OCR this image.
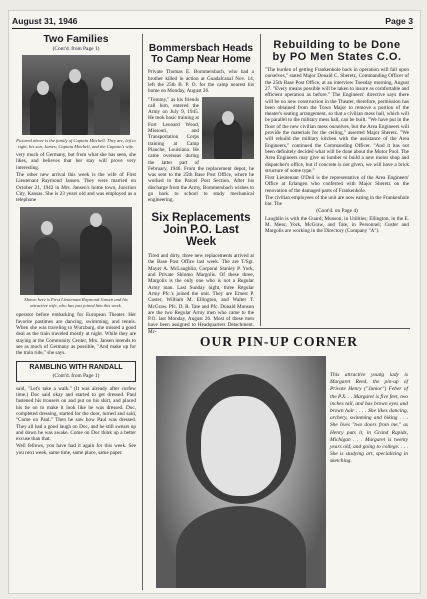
August 31, 1946	Page 3
Two Families
(Cont'd. from Page 1)
Pictured above is the family of Captain Mitchell. They are, left to right, his son, James; Captain Mitchell, and the Captain's wife.
very much of Germany, but from what she has seen, she likes, and believes that her stay will prove very interesting.
The other new arrival this week is the wife of First Lieutenant Raymond Jansen. They were married on October 21, 1942 in Mrs. Jansen's home town, Junction City, Kansas. She is 23 years old and was employed as a telephone
Shown here is First Lieutenant Raymond Jansen and his attractive wife, who has just joined him this week.
operator before embarking for European Theater. Her favorite pastimes are dancing, swimming, and tennis. When she was traveling to Wurzburg, she missed a good deal as the train traveled mostly at night. While they are staying at the Community Center, Mrs. Jansen intends to see as much of Germany as possible, "And make up for the train ride," she says.
RAMBLING WITH RANDALL
(Cont'd. from Page 1)
said, "Let's take a walk." (It was already after curfew time.) Doc said okay and started to get dressed. Paul fastened his trousers on and put on his shirt, and placed his tie on to make it look like he was dressed. Doc, completed dressing, started for the door, turned and said, "Come on Paul." Then he saw how Paul was dressed. They all had a good laugh on Doc, and he still swears up and down he was awake. Come on Doc think up a better excuse than that.
Well fellows, you have had it again for this week. See you next week, same time, same place, same paper.
Bommersbach Heads To Camp Near Home
Private Thomas E. Bommersbach, who had a brother killed in action at Guadalcanal Nov. 14, left the 25th B. P. O. for the camp nearest his home on Monday, August 26.
"Tommy," as his friends call him, entered the Army on July 9, 1945. He took basic training at Fort Leonard Wood, Missouri, and Transportation Corps training at Camp Plauche, Louisiana. He came overseas during the latter part of February, 1946. From the replacement depot, he was sent to the 25th Base Post Office, where he worked in the Parcel Post Section. After his discharge from the Army, Bommersbach wishes to go back to school to study mechanical engineering.
Six Replacements Join P.O. Last Week
Tired and dirty, three new replacements arrived at the Base Post Office last week. The are T/Sgt. Mayer A. McLaughlin, Corporal Stanley P. York, and Private Shlomo Margolis. Of these three, Margolis is the only one who is not a Regular Army man. Last Sunday night, three Regular Army Pfc.'s joined the unit. They are Ernest P. Custer, William M. Ellington, and Walter T. McGraw. Pfc. D. R. Tate and Pfc. Donald Munson are the two Regular Army men who came to the P.O. last Monday, August 26. Most of these men have been assigned to Headquarters Detachment. Mc-
Rebuilding to be Done by PO Men States C.O.
"The burden of getting Frankenhole back in operation will fall upon ourselves," stated Major Donald C. Sheretz, Commanding Officer of the 25th Base Post Office, at an interview Tuesday morning, August 27. "Every means possible will be taken to insure as comfortable and efficient operation as before." The Engineers' directive says there will be no new construction in the Theater, therefore, permission has been obtained from the Town Major to remove a portion of the theater's seating arrangement, so that a civilian mess hall, which will be parallel to the military mess hall, can be built. "We have put in the floor of the new civilian mess ourselves, but the Area Engineers will provide the materials for the ceiling," asserted Major Sheretz. "We will rebuild the military kitchen with the assistance of the Area Engineers," continued the Commanding Officer. "And it has not been definitely decided what will be done about the Motor Pool. The Area Engineers may give us lumber to build a new motor shop and dispatcher's office, but if concrete is not given, we will have a brick structure of some type."
First Lieutenant O'Dell is the representative of the Area Engineers' Office at Erlangen who conferred with Major Sheretz on the renovation of the damaged parts of Frankenhole.
The civilian employees of the unit are now eating in the Frankenhole bar. The
(Cont'd. on Page 4)
Laughlin is with the Guard; Munson, in Utilities; Ellington, in the E. M. Mess; York, McGraw, and Tate, in Personnel; Custer and Margolis are working in the Directory (Company "A").
OUR PIN-UP CORNER
This attractive young lady is Margaret Reed, the pin-up of Private Henry ("Junior") Feber of the P.X. . . Margaret is five feet, two inches tall, and has brown eyes and brown hair . . . . She likes dancing, archery, swimming and hiking . . . She lives "two doors from me," as Henry puts it, in Grand Rapids, Michigan . . . Margaret is twenty years old, and going to college. . . . She is studying art, specializing in sketching.
